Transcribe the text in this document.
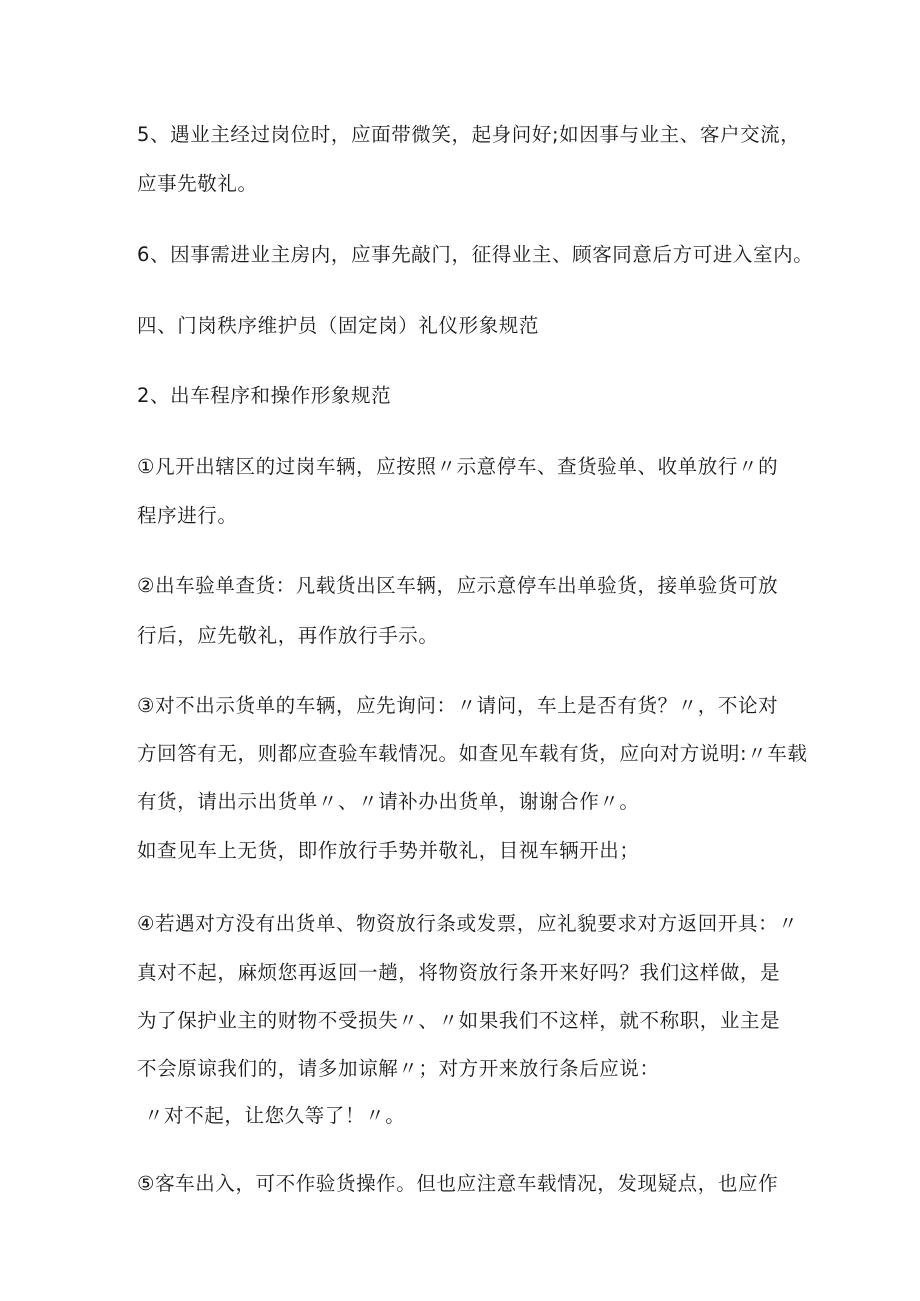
5、遇业主经过岗位时，应面带微笑，起身问好;如因事与业主、客户交流，
应事先敬礼。
6、因事需进业主房内，应事先敲门，征得业主、顾客同意后方可进入室内。
四、门岗秩序维护员（固定岗）礼仪形象规范
2、出车程序和操作形象规范
①凡开出辖区的过岗车辆，应按照〃示意停车、查货验单、收单放行〃的
程序进行。
②出车验单查货：凡载货出区车辆，应示意停车出单验货，接单验货可放
行后，应先敬礼，再作放行手示。
③对不出示货单的车辆，应先询问：〃请问，车上是否有货？〃，不论对
方回答有无，则都应查验车载情况。如查见车载有货，应向对方说明:〃车载
有货，请出示出货单〃、〃请补办出货单，谢谢合作〃。
如查见车上无货，即作放行手势并敬礼，目视车辆开出；
④若遇对方没有出货单、物资放行条或发票，应礼貌要求对方返回开具：〃
真对不起，麻烦您再返回一趟，将物资放行条开来好吗？我们这样做，是
为了保护业主的财物不受损失〃、〃如果我们不这样，就不称职，业主是
不会原谅我们的，请多加谅解〃；对方开来放行条后应说：
〃对不起，让您久等了！〃。
⑤客车出入，可不作验货操作。但也应注意车载情况，发现疑点，也应作
